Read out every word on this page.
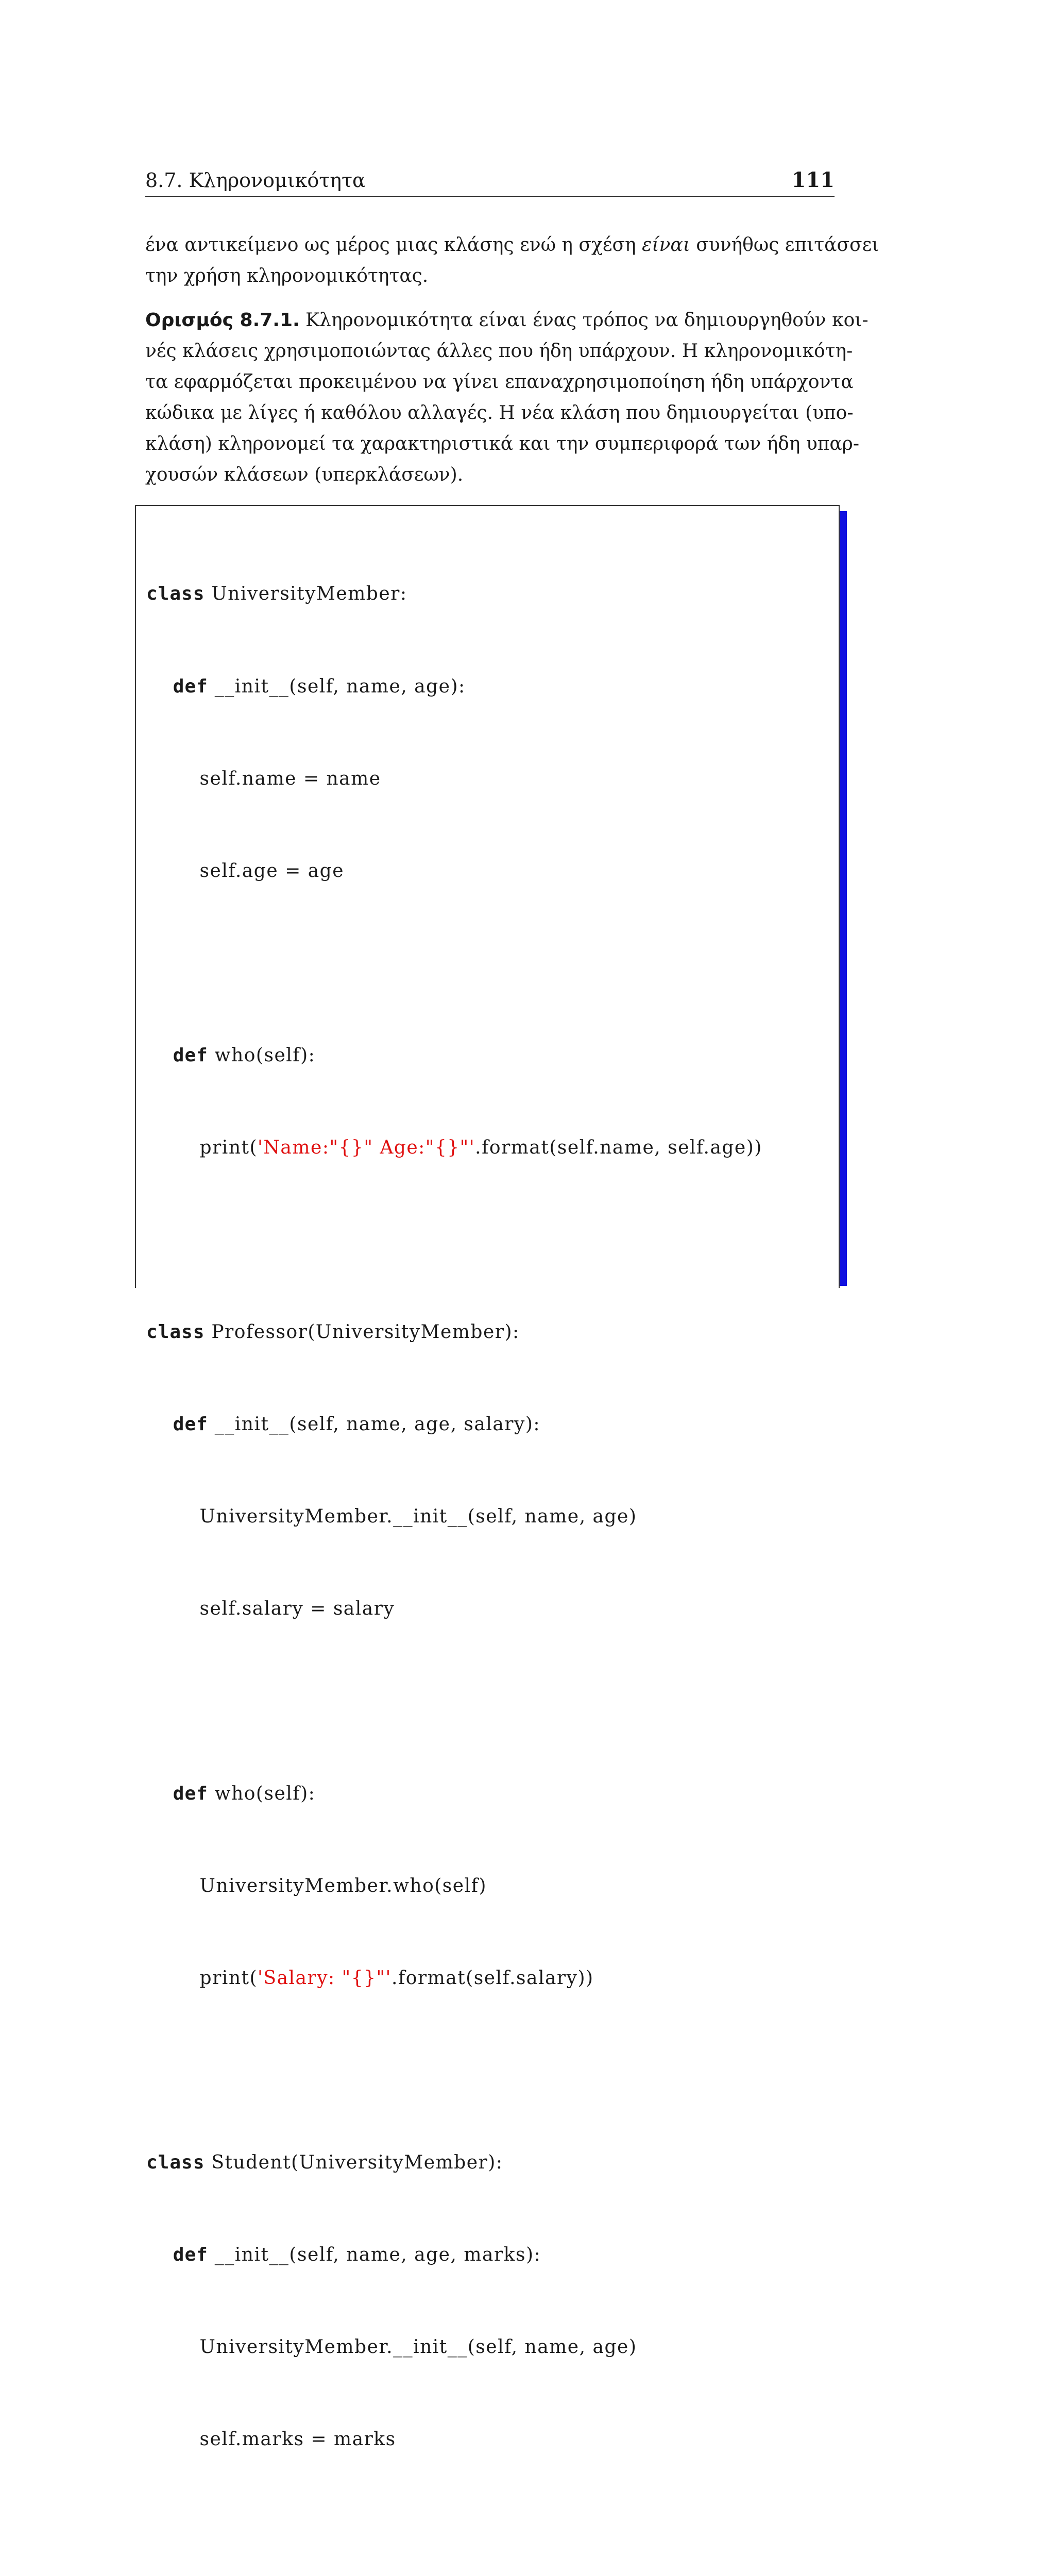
8.7. Κληρονομικότητα	111
ένα αντικείμενο ως μέρος μιας κλάσης ενώ η σχέση είναι συνήθως επιτάσσει
την χρήση κληρονομικότητας.
Ορισμός 8.7.1. Κληρονομικότητα είναι ένας τρόπος να δημιουργηθούν κοι-
νές κλάσεις χρησιμοποιώντας άλλες που ήδη υπάρχουν. Η κληρονομικότη-
τα εφαρμόζεται προκειμένου να γίνει επαναχρησιμοποίηση ήδη υπάρχοντα
κώδικα με λίγες ή καθόλου αλλαγές. Η νέα κλάση που δημιουργείται (υπο-
κλάση) κληρονομεί τα χαρακτηριστικά και την συμπεριφορά των ήδη υπαρ-
χουσών κλάσεων (υπερκλάσεων).

class UniversityMember:

def __init__(self, name, age):

self.name = name

self.age = age

def who(self):

print('Name:"{}" Age:"{}"'.format(self.name, self.age))

class Professor(UniversityMember):

def __init__(self, name, age, salary):

UniversityMember.__init__(self, name, age)

self.salary = salary

def who(self):

UniversityMember.who(self)

print('Salary: "{}"'.format(self.salary))

class Student(UniversityMember):

def __init__(self, name, age, marks):

UniversityMember.__init__(self, name, age)

self.marks = marks
